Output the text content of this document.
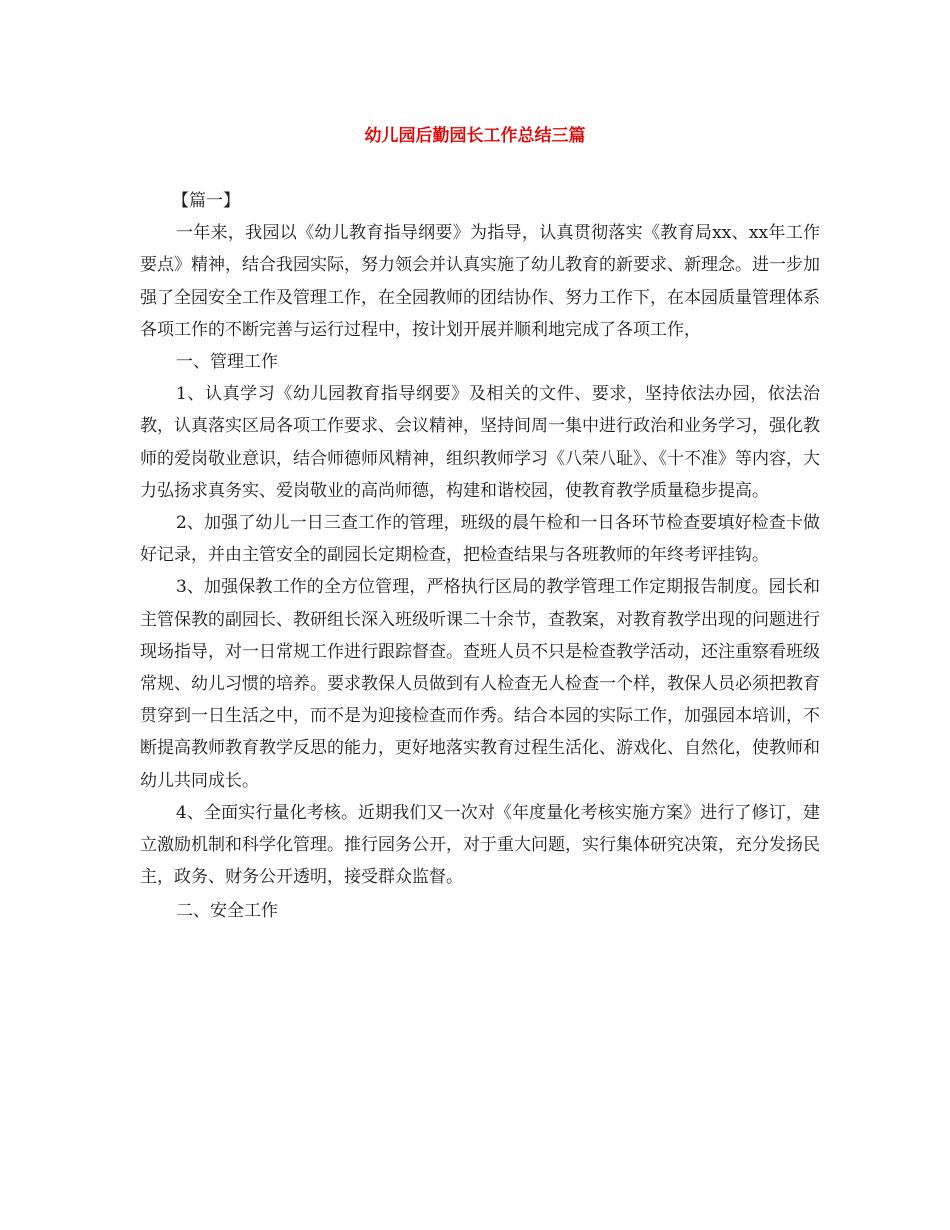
幼儿园后勤园长工作总结三篇

【篇一】

一年来，我园以《幼儿教育指导纲要》为指导，认真贯彻落实《教育局xx、xx年工作要点》精神，结合我园实际，努力领会并认真实施了幼儿教育的新要求、新理念。进一步加强了全园安全工作及管理工作，在全园教师的团结协作、努力工作下，在本园质量管理体系各项工作的不断完善与运行过程中，按计划开展并顺利地完成了各项工作，

一、管理工作

1、认真学习《幼儿园教育指导纲要》及相关的文件、要求，坚持依法办园，依法治教，认真落实区局各项工作要求、会议精神，坚持间周一集中进行政治和业务学习，强化教师的爱岗敬业意识，结合师德师风精神，组织教师学习《八荣八耻》、《十不准》等内容，大力弘扬求真务实、爱岗敬业的高尚师德，构建和谐校园，使教育教学质量稳步提高。

2、加强了幼儿一日三查工作的管理，班级的晨午检和一日各环节检查要填好检查卡做好记录，并由主管安全的副园长定期检查，把检查结果与各班教师的年终考评挂钩。

3、加强保教工作的全方位管理，严格执行区局的教学管理工作定期报告制度。园长和主管保教的副园长、教研组长深入班级听课二十余节，查教案，对教育教学出现的问题进行现场指导，对一日常规工作进行跟踪督查。查班人员不只是检查教学活动，还注重察看班级常规、幼儿习惯的培养。要求教保人员做到有人检查无人检查一个样，教保人员必须把教育贯穿到一日生活之中，而不是为迎接检查而作秀。结合本园的实际工作，加强园本培训，不断提高教师教育教学反思的能力，更好地落实教育过程生活化、游戏化、自然化，使教师和幼儿共同成长。

4、全面实行量化考核。近期我们又一次对《年度量化考核实施方案》进行了修订，建立激励机制和科学化管理。推行园务公开，对于重大问题，实行集体研究决策，充分发扬民主，政务、财务公开透明，接受群众监督。

二、安全工作
